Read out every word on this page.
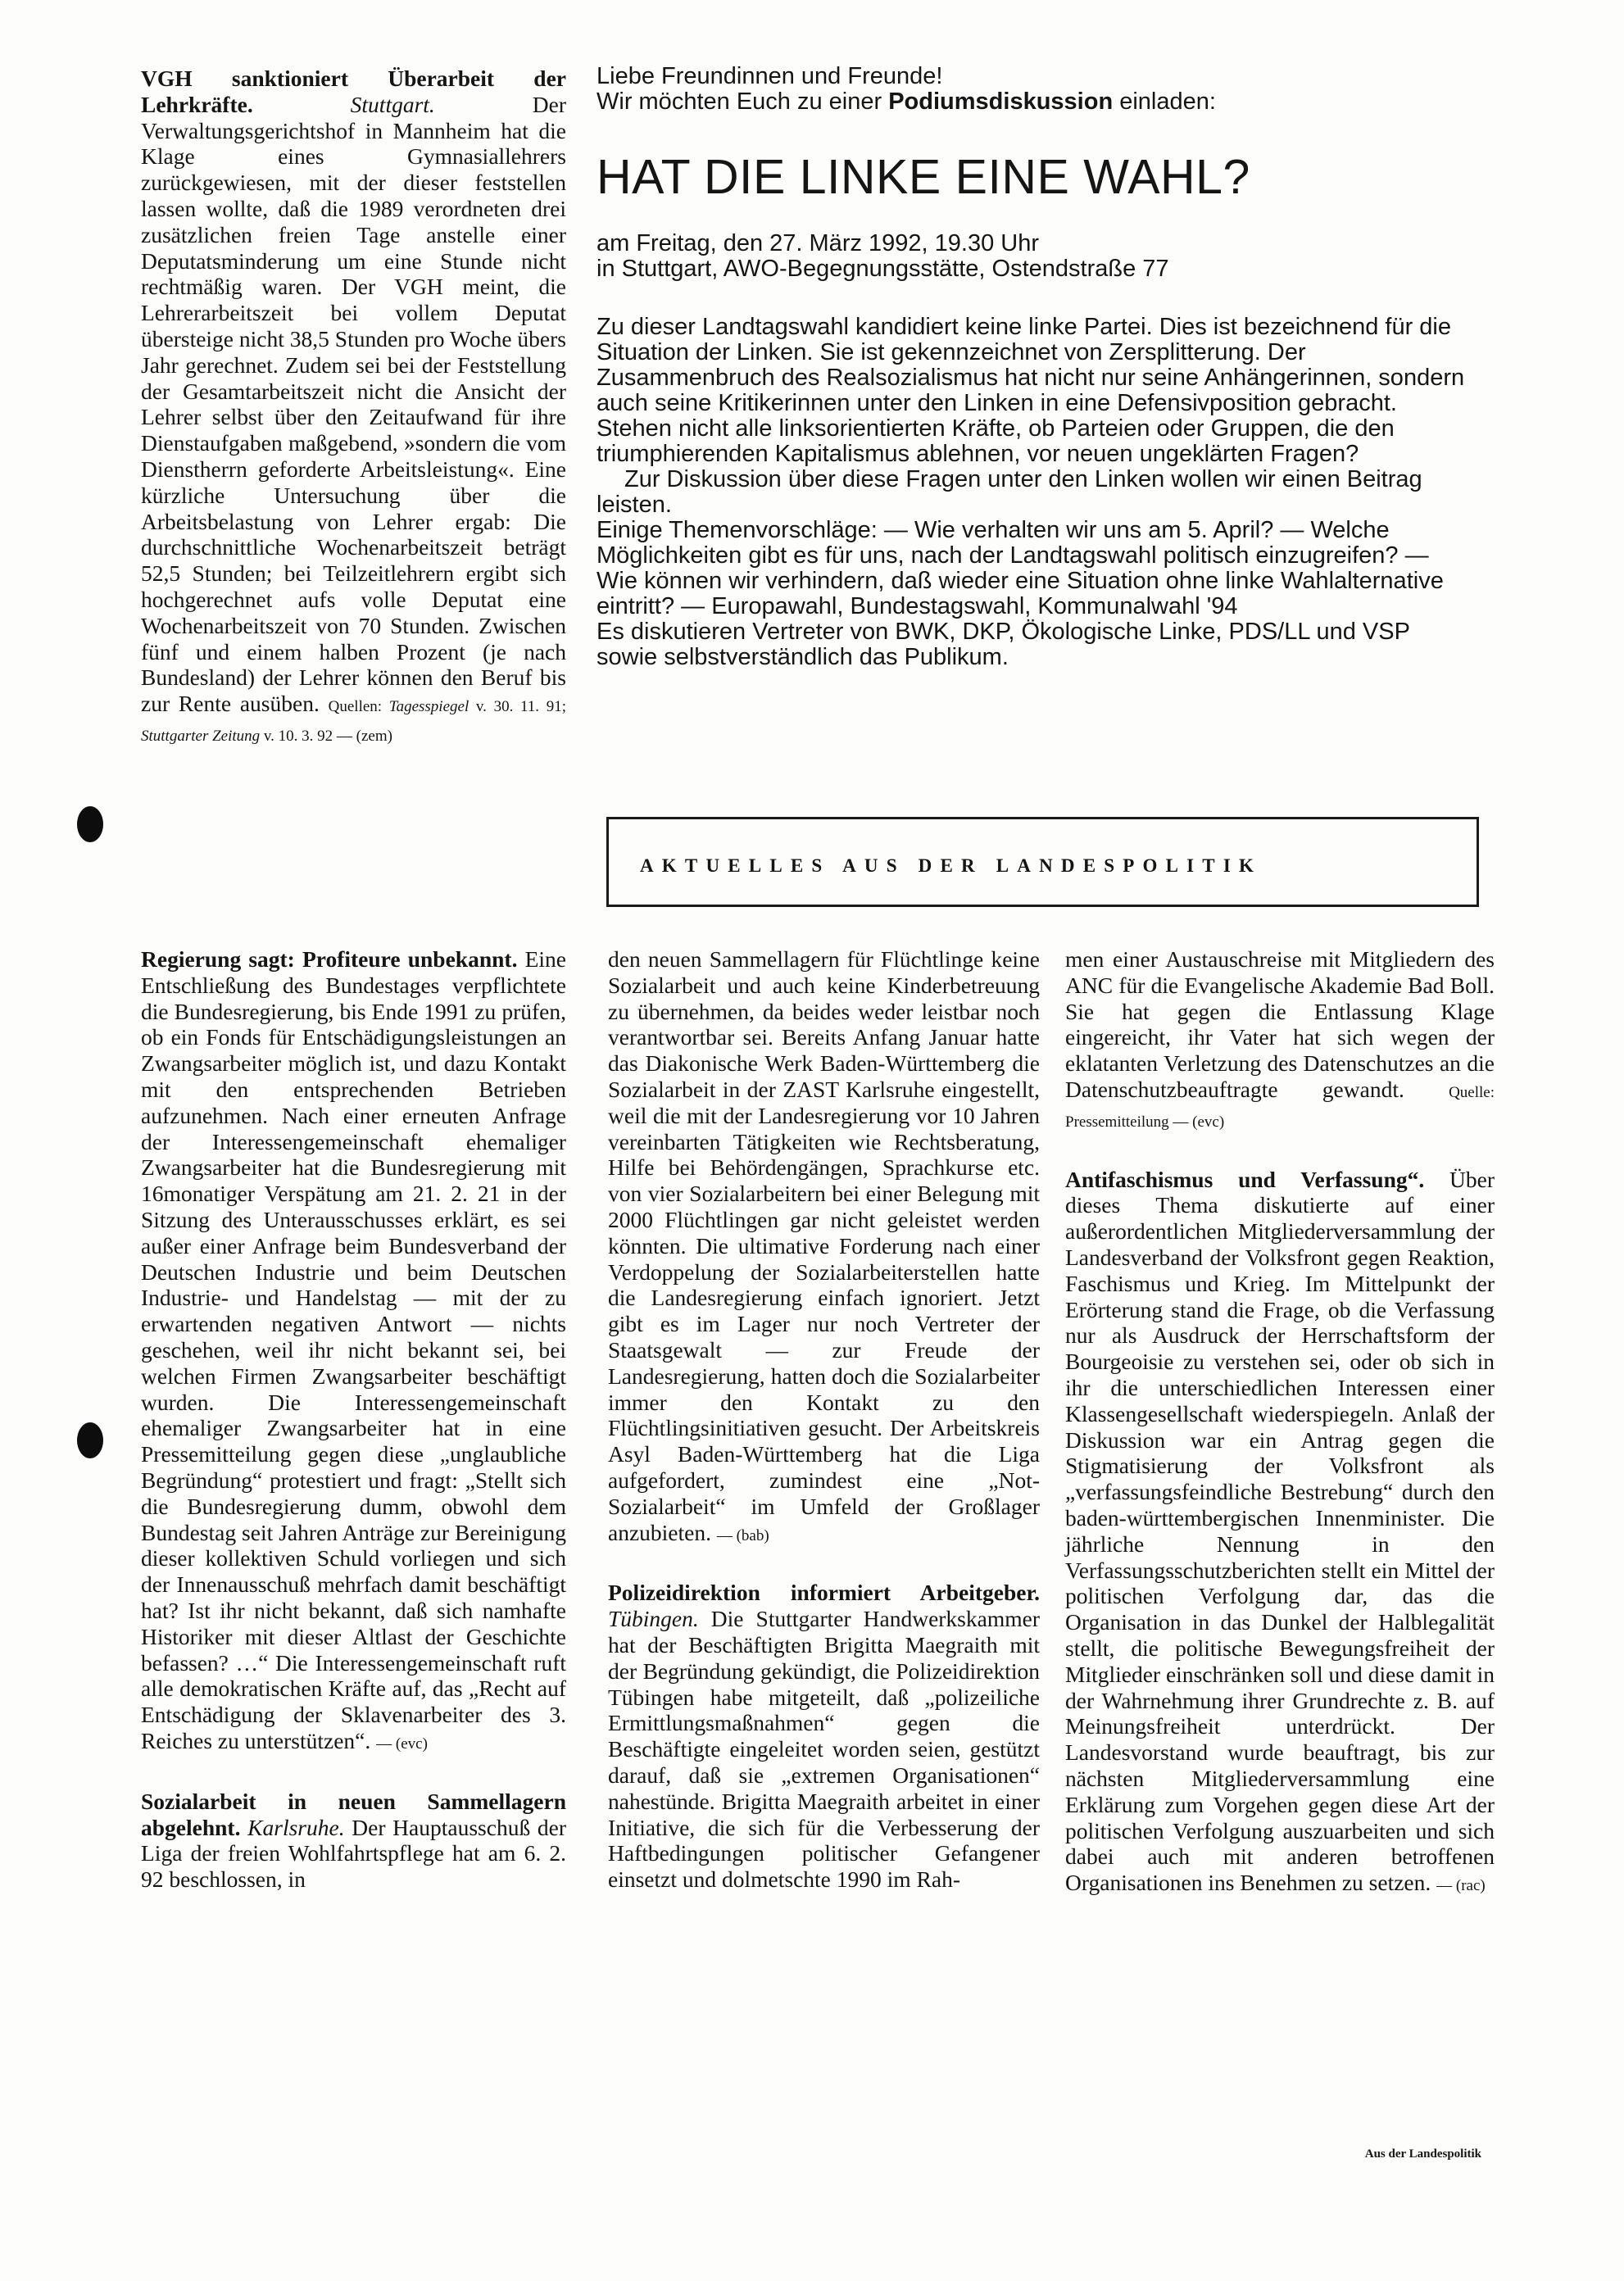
VGH sanktioniert Überarbeit der Lehrkräfte.	Stuttgart.	Der Verwaltungsgerichtshof in Mannheim hat die Klage eines Gymnasiallehrers zurückgewiesen, mit der dieser feststellen lassen wollte, daß die 1989 verordneten drei zusätzlichen freien Tage anstelle einer Deputatsminderung um eine Stunde nicht rechtmäßig waren. Der VGH meint, die Lehrerarbeitszeit bei vollem Deputat übersteige nicht 38,5 Stunden pro Woche übers Jahr gerechnet. Zudem sei bei der Feststellung der Gesamtarbeitszeit nicht die Ansicht der Lehrer selbst über den Zeitaufwand für ihre Dienstaufgaben maßgebend, »sondern die vom Dienstherrn geforderte Arbeitsleistung«. Eine kürzliche Untersuchung über die Arbeitsbelastung von Lehrer ergab: Die durchschnittliche Wochenarbeitszeit beträgt 52,5 Stunden; bei Teilzeitlehrern ergibt sich hochgerechnet aufs volle Deputat eine Wochenarbeitszeit von 70 Stunden. Zwischen fünf und einem halben Prozent (je nach Bundesland) der Lehrer können den Beruf bis zur Rente ausüben. Quellen: Tagesspiegel v. 30. 11. 91; Stuttgarter Zeitung v. 10. 3. 92 — (zem)

Liebe Freundinnen und Freunde!

Wir möchten Euch zu einer Podiumsdiskussion einladen:

HAT DIE LINKE EINE WAHL?

am Freitag, den 27. März 1992, 19.30 Uhr

in Stuttgart, AWO-Begegnungsstätte, Ostendstraße 77

Zu dieser Landtagswahl kandidiert keine linke Partei. Dies ist bezeichnend für die Situation der Linken. Sie ist gekennzeichnet von Zersplitterung. Der Zusammenbruch des Realsozialismus hat nicht nur seine Anhängerinnen, sondern auch seine Kritikerinnen unter den Linken in eine Defensivposition gebracht. Stehen nicht alle linksorientierten Kräfte, ob Parteien oder Gruppen, die den triumphierenden Kapitalismus ablehnen, vor neuen ungeklärten Fragen?

Zur Diskussion über diese Fragen unter den Linken wollen wir einen Beitrag leisten.

Einige Themenvorschläge: — Wie verhalten wir uns am 5. April? — Welche Möglichkeiten gibt es für uns, nach der Landtagswahl politisch einzugreifen? — Wie können wir verhindern, daß wieder eine Situation ohne linke Wahlalternative eintritt? — Europawahl, Bundestagswahl, Kommunalwahl '94

Es diskutieren Vertreter von BWK, DKP, Ökologische Linke, PDS/LL und VSP sowie selbstverständlich das Publikum.

AKTUELLES AUS DER LANDESPOLITIK

Regierung sagt: Profiteure unbekannt. Eine Entschließung des Bundestages verpflichtete die Bundesregierung, bis Ende 1991 zu prüfen, ob ein Fonds für Entschädigungsleistungen an Zwangsarbeiter möglich ist, und dazu Kontakt mit den entsprechenden Betrieben aufzunehmen. Nach einer erneuten Anfrage der Interessengemeinschaft ehemaliger Zwangsarbeiter hat die Bundesregierung mit 16monatiger Verspätung am 21. 2. 21 in der Sitzung des Unterausschusses erklärt, es sei außer einer Anfrage beim Bundesverband der Deutschen Industrie und beim Deutschen Industrie- und Handelstag — mit der zu erwartenden negativen Antwort — nichts geschehen, weil ihr nicht bekannt sei, bei welchen Firmen Zwangsarbeiter beschäftigt wurden. Die Interessengemeinschaft ehemaliger Zwangsarbeiter hat in eine Pressemitteilung gegen diese „unglaubliche Begründung“ protestiert und fragt: „Stellt sich die Bundesregierung dumm, obwohl dem Bundestag seit Jahren Anträge zur Bereinigung dieser kollektiven Schuld vorliegen und sich der Innenausschuß mehrfach damit beschäftigt hat? Ist ihr nicht bekannt, daß sich namhafte Historiker mit dieser Altlast der Geschichte befassen? …“ Die Interessengemeinschaft ruft alle demokratischen Kräfte auf, das „Recht auf Entschädigung der Sklavenarbeiter des 3. Reiches zu unterstützen“. — (evc)

Sozialarbeit in neuen Sammellagern abgelehnt. Karlsruhe. Der Hauptausschuß der Liga der freien Wohlfahrtspflege hat am 6. 2. 92 beschlossen, in

den neuen Sammellagern für Flüchtlinge keine Sozialarbeit und auch keine Kinderbetreuung zu übernehmen, da beides weder leistbar noch verantwortbar sei. Bereits Anfang Januar hatte das Diakonische Werk Baden-Württemberg die Sozialarbeit in der ZAST Karlsruhe eingestellt, weil die mit der Landesregierung vor 10 Jahren vereinbarten Tätigkeiten wie Rechtsberatung, Hilfe bei Behördengängen, Sprachkurse etc. von vier Sozialarbeitern bei einer Belegung mit 2000 Flüchtlingen gar nicht geleistet werden könnten. Die ultimative Forderung nach einer Verdoppelung der Sozialarbeiterstellen hatte die Landesregierung einfach ignoriert. Jetzt gibt es im Lager nur noch Vertreter der Staatsgewalt — zur Freude der Landesregierung, hatten doch die Sozialarbeiter immer den Kontakt zu den Flüchtlingsinitiativen gesucht. Der Arbeitskreis Asyl Baden-Württemberg hat die Liga aufgefordert, zumindest eine „Not-Sozialarbeit“ im Umfeld der Großlager anzubieten. — (bab)

Polizeidirektion informiert Arbeitgeber. Tübingen. Die Stuttgarter Handwerkskammer hat der Beschäftigten Brigitta Maegraith mit der Begründung gekündigt, die Polizeidirektion Tübingen habe mitgeteilt, daß „polizeiliche Ermittlungsmaßnahmen“ gegen die Beschäftigte eingeleitet worden seien, gestützt darauf, daß sie „extremen Organisationen“ nahestünde. Brigitta Maegraith arbeitet in einer Initiative, die sich für die Verbesserung der Haftbedingungen politischer Gefangener einsetzt und dolmetschte 1990 im Rah-

men einer Austauschreise mit Mitgliedern des ANC für die Evangelische Akademie Bad Boll. Sie hat gegen die Entlassung Klage eingereicht, ihr Vater hat sich wegen der eklatanten Verletzung des Datenschutzes an die Datenschutzbeauftragte gewandt.	Quelle: Pressemitteilung — (evc)

Antifaschismus und Verfassung“. Über dieses Thema diskutierte auf einer außerordentlichen Mitgliederversammlung der Landesverband der Volksfront gegen Reaktion, Faschismus und Krieg. Im Mittelpunkt der Erörterung stand die Frage, ob die Verfassung nur als Ausdruck der Herrschaftsform der Bourgeoisie zu verstehen sei, oder ob sich in ihr die unterschiedlichen Interessen einer Klassengesellschaft wiederspiegeln. Anlaß der Diskussion war ein Antrag gegen die Stigmatisierung der Volksfront als „verfassungsfeindliche Bestrebung“ durch den baden-württembergischen Innenminister. Die jährliche Nennung in den Verfassungsschutzberichten stellt ein Mittel der politischen Verfolgung dar, das die Organisation in das Dunkel der Halblegalität stellt, die politische Bewegungsfreiheit der Mitglieder einschränken soll und diese damit in der Wahrnehmung ihrer Grundrechte z. B. auf Meinungsfreiheit unterdrückt. Der Landesvorstand wurde beauftragt, bis zur nächsten Mitgliederversammlung eine Erklärung zum Vorgehen gegen diese Art der politischen Verfolgung auszuarbeiten und sich dabei auch mit anderen betroffenen Organisationen ins Benehmen zu setzen. — (rac)

Aus der Landespolitik
